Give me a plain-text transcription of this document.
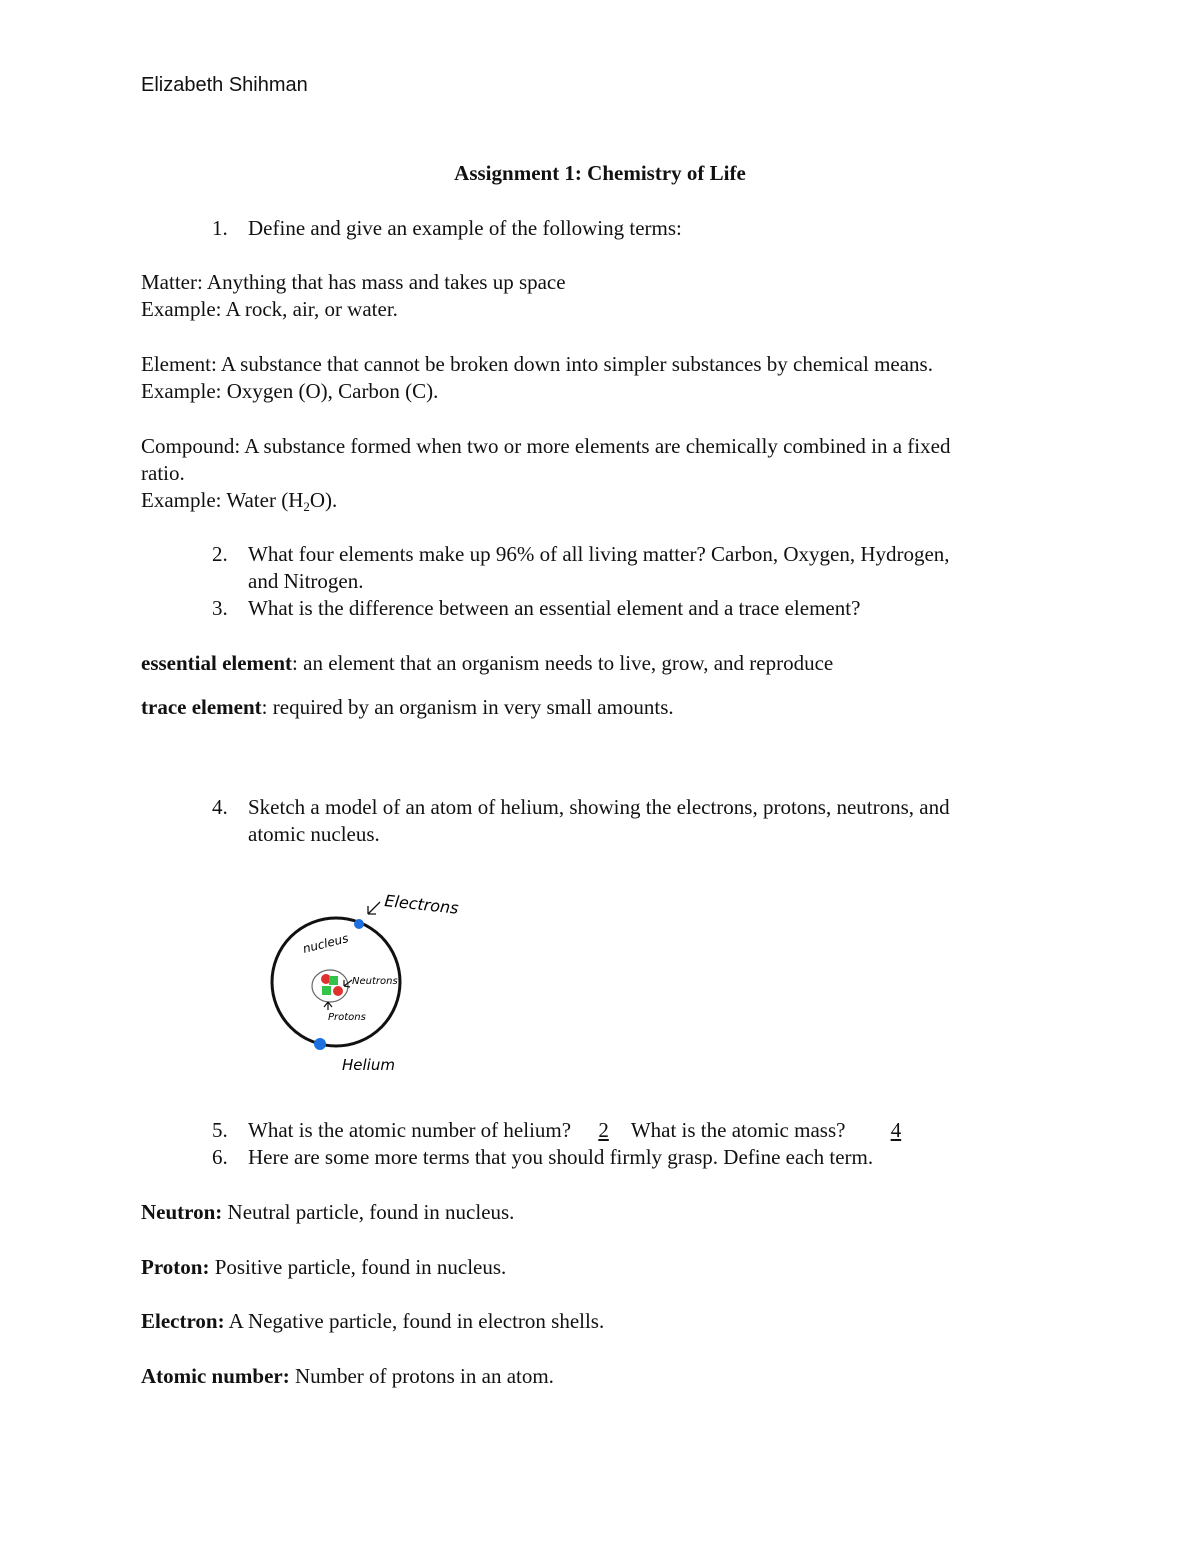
Elizabeth Shihman
Assignment 1: Chemistry of Life
1. Define and give an example of the following terms:
Matter: Anything that has mass and takes up space
Example: A rock, air, or water.
Element: A substance that cannot be broken down into simpler substances by chemical means.
Example: Oxygen (O), Carbon (C).
Compound: A substance formed when two or more elements are chemically combined in a fixed
ratio.
Example: Water $(H_2O)$.
2. What four elements make up 96% of all living matter? Carbon, Oxygen, Hydrogen,
and Nitrogen.
3. What is the difference between an essential element and a trace element?
essential element: an element that an organism needs to live, grow, and reproduce
trace element: required by an organism in very small amounts.
4. Sketch a model of an atom of helium, showing the electrons, protons, neutrons, and
atomic nucleus.
Electrons
nucleus
Neutrons
Protons
Helium
5. What is the atomic number of helium? 2 What is the atomic mass? 4
6. Here are some more terms that you should firmly grasp. Define each term.
Neutron: Neutral particle, found in nucleus.
Proton: Positive particle, found in nucleus.
Electron: A Negative particle, found in electron shells.
Atomic number: Number of protons in an atom.
